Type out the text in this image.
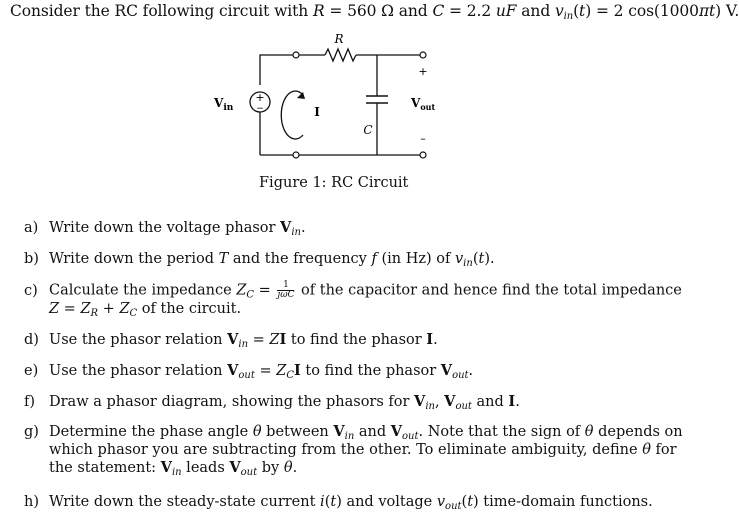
Consider the RC following circuit with R = 560 Ω and C = 2.2 uF and $v_{in}(t) = 2$ cos(1000πt) V.
R
C
+
−
$V_{in}$	I
+
$V_{out}$
–
Figure 1: RC Circuit
a) Write down the voltage phasor $V_{in}$.
b) Write down the period T and the frequency f (in Hz) of $v_{in}(t)$.
c) Calculate the impedance $Z_C = \frac{1}{\text{jωC}}$ of the capacitor and hence find the total impedance
$Z = Z_R + Z_C$ of the circuit.
d) Use the phasor relation $V_{in}$ = ZI to find the phasor I.
e) Use the phasor relation $V_{out} = Z_CI$ to find the phasor $V_{out}$.
f) Draw a phasor diagram, showing the phasors for $V_{in}$, $V_{out}$ and I.
g) Determine the phase angle θ between $V_{in}$ and $V_{out}$. Note that the sign of θ depends on
which phasor you are subtracting from the other. To eliminate ambiguity, define θ for
the statement: $V_{in}$ leads $V_{out}$ by θ.
h) Write down the steady-state current i(t) and voltage $v_{out}(t)$ time-domain functions.
